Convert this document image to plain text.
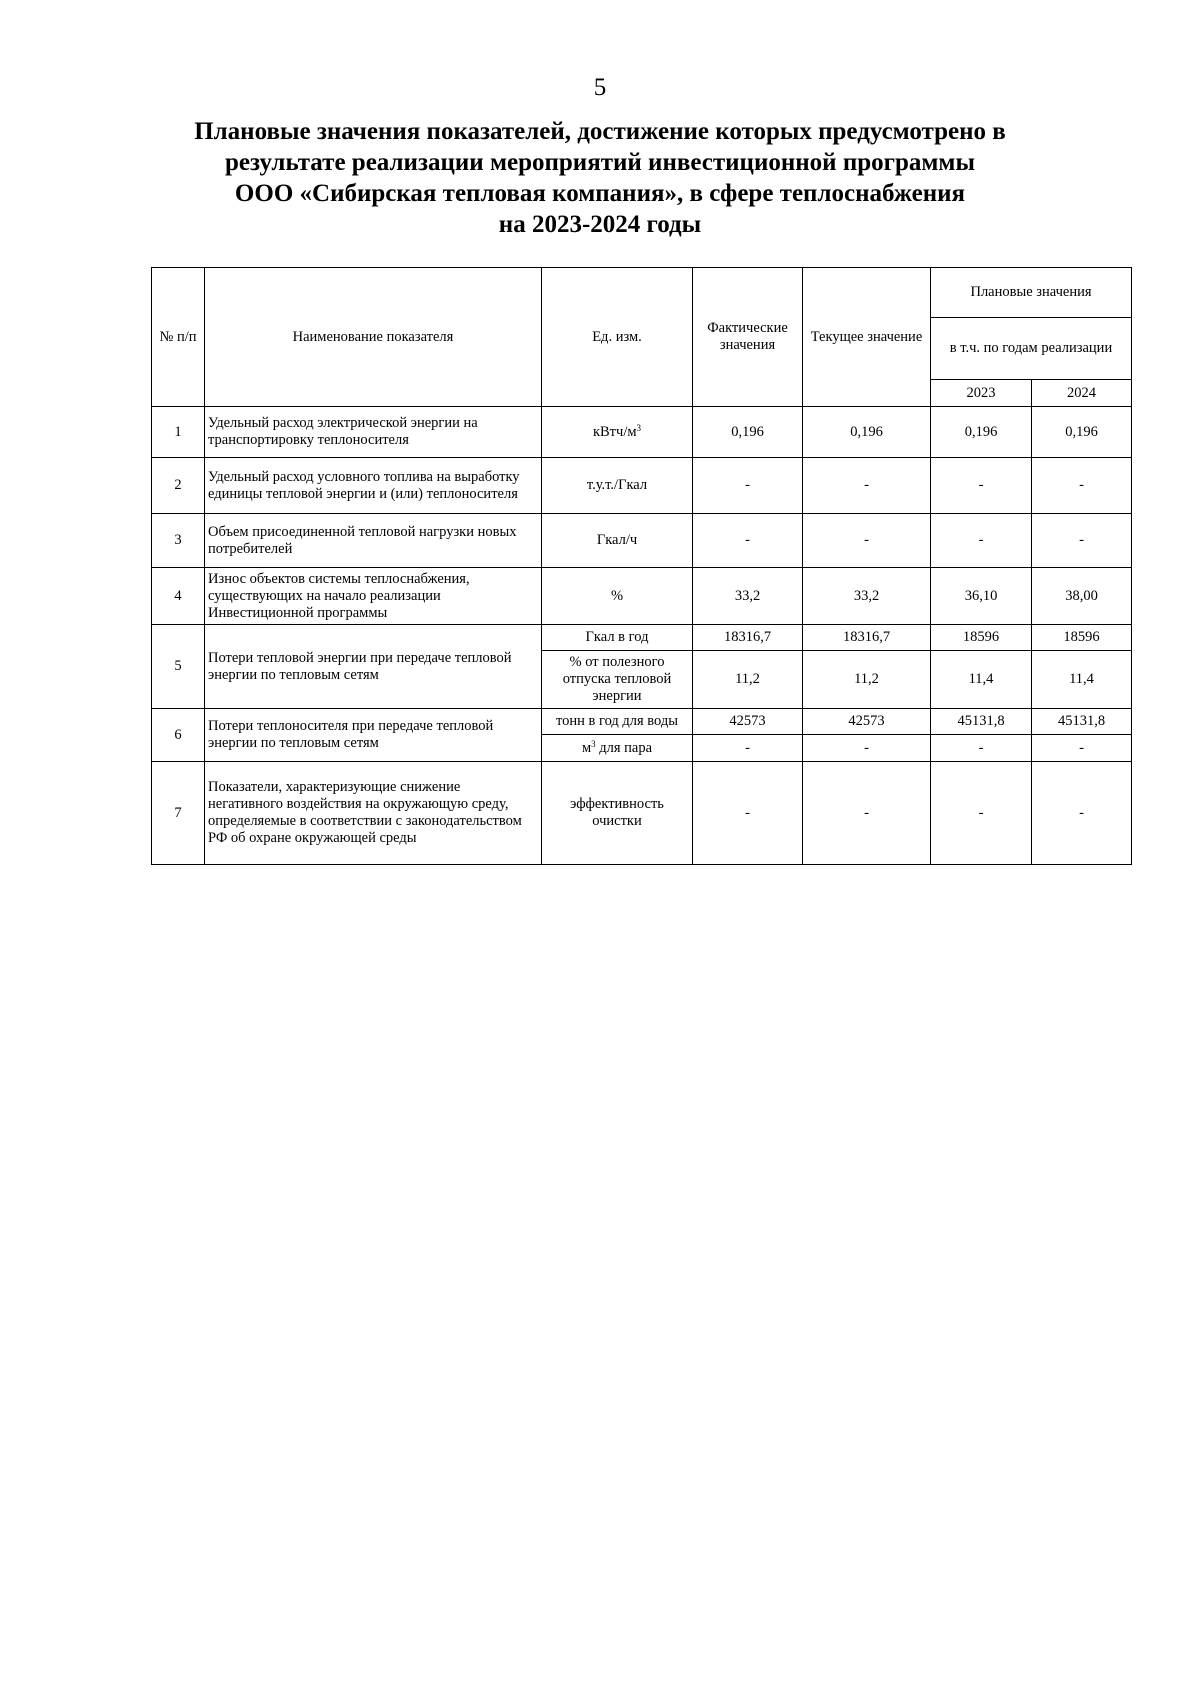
5
Плановые значения показателей, достижение которых предусмотрено в
результате реализации мероприятий инвестиционной программы
ООО «Сибирская тепловая компания», в сфере теплоснабжения
на 2023-2024 годы
№ п/п	Наименование показателя	Ед. изм.	Фактические значения	Текущее значение	Плановые значения	
					в т.ч. по годам реализации	
					2023	2024
1	Удельный расход электрической энергии на транспортировку теплоносителя	кВтч/$м^3$	0,196	0,196	0,196	0,196
2	Удельный расход условного топлива на выработку единицы тепловой энергии и (или) теплоносителя	т.у.т./Гкал	-	-	-	-
3	Объем присоединенной тепловой нагрузки новых потребителей	Гкал/ч	-	-	-	-
4	Износ объектов системы теплоснабжения, существующих на начало реализации Инвестиционной программы	%	33,2	33,2	36,10	38,00
5	Потери тепловой энергии при передаче тепловой энергии по тепловым сетям	Гкал в год	18316,7	18316,7	18596	18596
		% от полезного отпуска тепловой энергии	11,2	11,2	11,4	11,4
6	Потери теплоносителя при передаче тепловой энергии по тепловым сетям	тонн в год для воды	42573	42573	45131,8	45131,8
		$м^3$ для пара	-	-	-	-
7	Показатели, характеризующие снижение негативного воздействия на окружающую среду, определяемые в соответствии с законодательством РФ об охране окружающей среды	эффективность очистки	-	-	-	-
